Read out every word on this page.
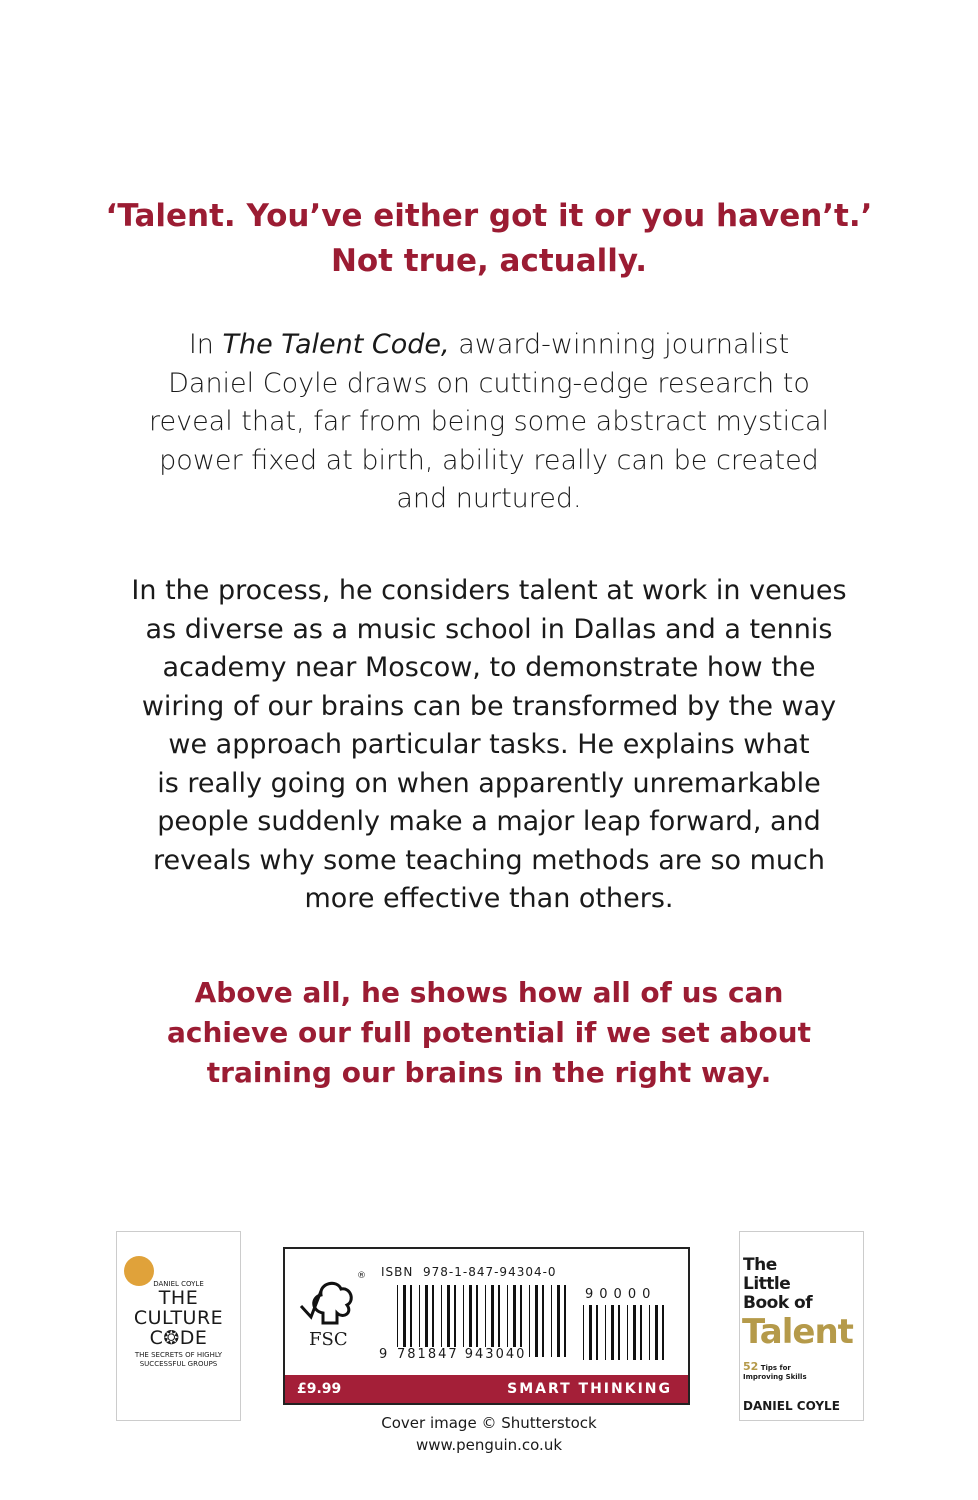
‘Talent. You’ve either got it or you haven’t.’
Not true, actually.
In The Talent Code, award-winning journalist
Daniel Coyle draws on cutting-edge research to
reveal that, far from being some abstract mystical
power fixed at birth, ability really can be created
and nurtured.
In the process, he considers talent at work in venues
as diverse as a music school in Dallas and a tennis
academy near Moscow, to demonstrate how the
wiring of our brains can be transformed by the way
we approach particular tasks. He explains what
is really going on when apparently unremarkable
people suddenly make a major leap forward, and
reveals why some teaching methods are so much
more effective than others.
Above all, he shows how all of us can
achieve our full potential if we set about
training our brains in the right way.
DANIEL COYLE
THE
CULTURE
C❂DE
THE SECRETS OF HIGHLY
SUCCESSFUL GROUPS
®
FSC
ISBN  978-1-847-94304-0
9 781847 943040
90000
£9.99	SMART THINKING
The
Little
Book of
Talent
52 Tips for
Improving Skills
DANIEL COYLE
Cover image © Shutterstock
www.penguin.co.uk
